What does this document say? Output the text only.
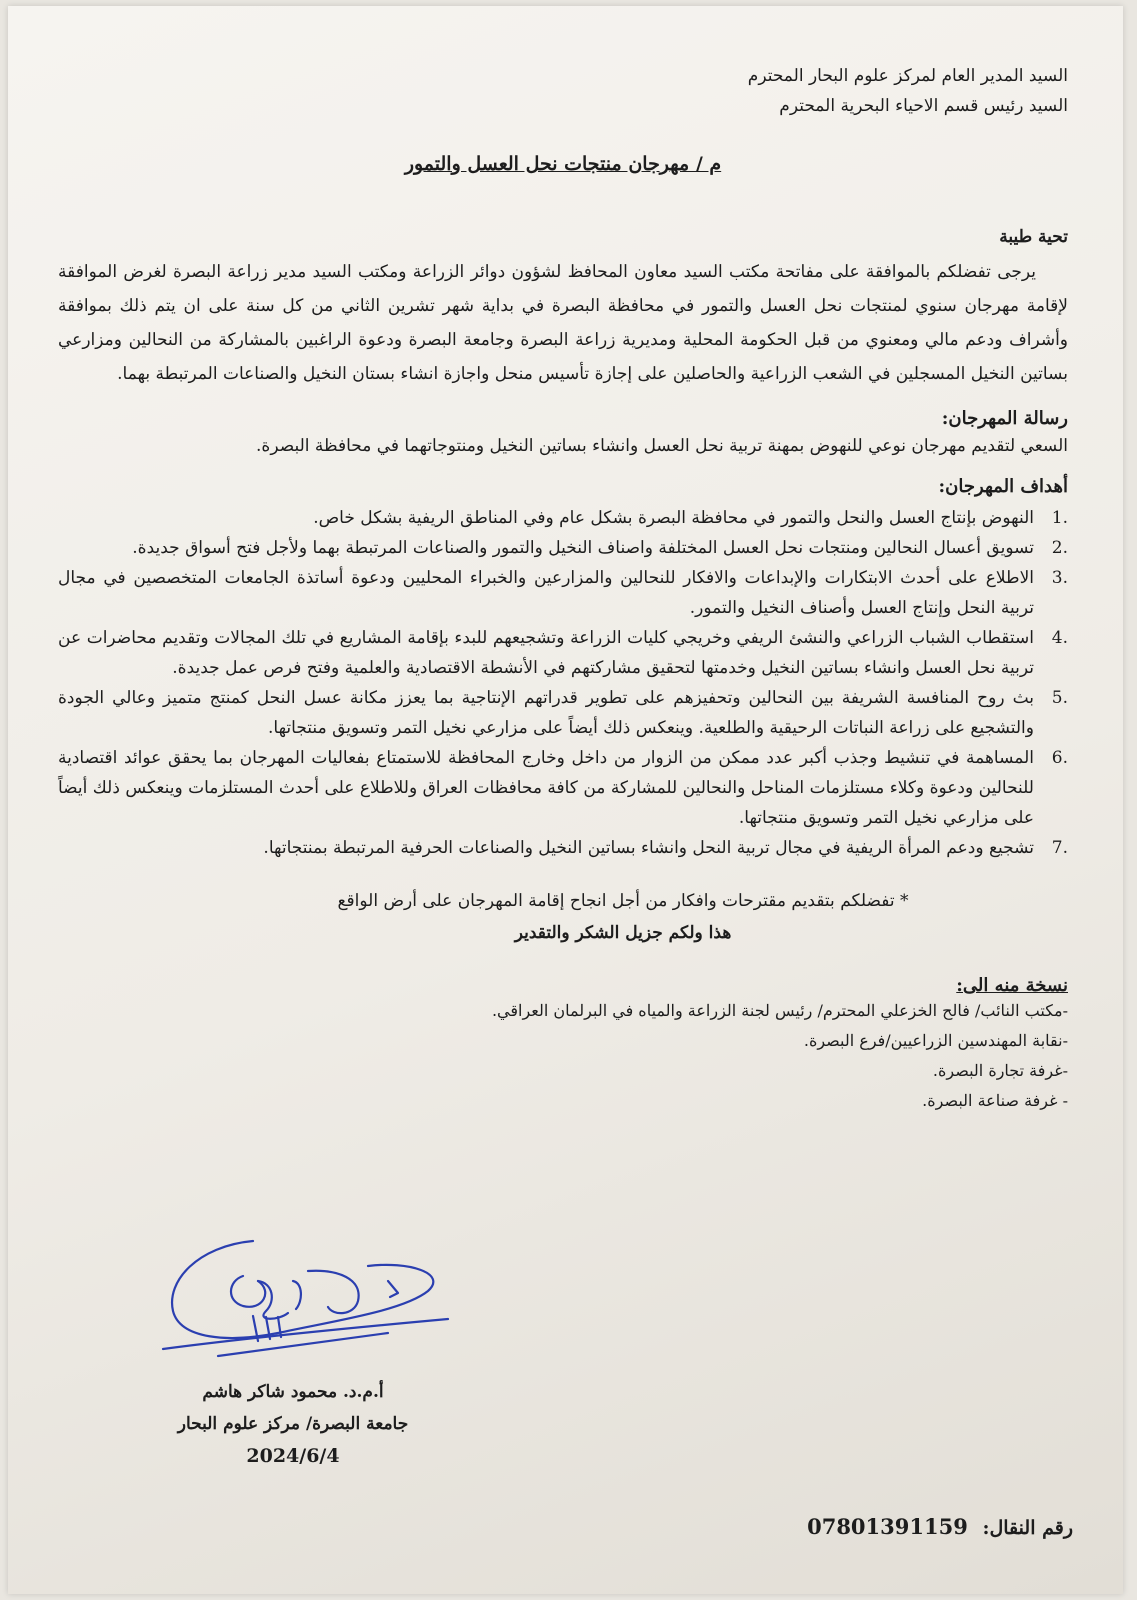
السيد المدير العام لمركز علوم البحار المحترم
السيد رئيس قسم الاحياء البحرية المحترم
م / مهرجان منتجات نحل العسل والتمور
تحية طيبة
يرجى تفضلكم بالموافقة على مفاتحة مكتب السيد معاون المحافظ لشؤون دوائر الزراعة ومكتب السيد مدير زراعة البصرة لغرض الموافقة لإقامة مهرجان سنوي لمنتجات نحل العسل والتمور في محافظة البصرة في بداية شهر تشرين الثاني من كل سنة على ان يتم ذلك بموافقة وأشراف ودعم مالي ومعنوي من قبل الحكومة المحلية ومديرية زراعة البصرة وجامعة البصرة ودعوة الراغبين بالمشاركة من النحالين ومزارعي بساتين النخيل المسجلين في الشعب الزراعية والحاصلين على إجازة تأسيس منحل واجازة انشاء بستان النخيل والصناعات المرتبطة بهما.
رسالة المهرجان:
السعي لتقديم مهرجان نوعي للنهوض بمهنة تربية نحل العسل وانشاء بساتين النخيل ومنتوجاتهما في محافظة البصرة.
أهداف المهرجان:
.1
النهوض بإنتاج العسل والنحل والتمور في محافظة البصرة بشكل عام وفي المناطق الريفية بشكل خاص.
.2
تسويق أعسال النحالين ومنتجات نحل العسل المختلفة واصناف النخيل والتمور والصناعات المرتبطة بهما ولأجل فتح أسواق جديدة.
.3
الاطلاع على أحدث الابتكارات والإبداعات والافكار للنحالين والمزارعين والخبراء المحليين ودعوة أساتذة الجامعات المتخصصين في مجال تربية النحل وإنتاج العسل وأصناف النخيل والتمور.
.4
استقطاب الشباب الزراعي والنشئ الريفي وخريجي كليات الزراعة وتشجيعهم للبدء بإقامة المشاريع في تلك المجالات وتقديم محاضرات عن تربية نحل العسل وانشاء بساتين النخيل وخدمتها لتحقيق مشاركتهم في الأنشطة الاقتصادية والعلمية وفتح فرص عمل جديدة.
.5
بث روح المنافسة الشريفة بين النحالين وتحفيزهم على تطوير قدراتهم الإنتاجية بما يعزز مكانة عسل النحل كمنتج متميز وعالي الجودة والتشجيع على زراعة النباتات الرحيقية والطلعية. وينعكس ذلك أيضاً على مزارعي نخيل التمر وتسويق منتجاتها.
.6
المساهمة في تنشيط وجذب أكبر عدد ممكن من الزوار من داخل وخارج المحافظة للاستمتاع بفعاليات المهرجان بما يحقق عوائد اقتصادية للنحالين ودعوة وكلاء مستلزمات المناحل والنحالين للمشاركة من كافة محافظات العراق وللاطلاع على أحدث المستلزمات وينعكس ذلك أيضاً على مزارعي نخيل التمر وتسويق منتجاتها.
.7
تشجيع ودعم المرأة الريفية في مجال تربية النحل وانشاء بساتين النخيل والصناعات الحرفية المرتبطة بمنتجاتها.
* تفضلكم بتقديم مقترحات وافكار من أجل انجاح إقامة المهرجان على أرض الواقع
هذا ولكم جزيل الشكر والتقدير
نسخة منه الى:
-مكتب النائب/ فالح الخزعلي المحترم/ رئيس لجنة الزراعة والمياه في البرلمان العراقي.
-نقابة المهندسين الزراعيين/فرع البصرة.
-غرفة تجارة البصرة.
- غرفة صناعة البصرة.
أ.م.د. محمود شاكر هاشم
جامعة البصرة/ مركز علوم البحار
2024/6/4
رقم النقال: 07801391159
